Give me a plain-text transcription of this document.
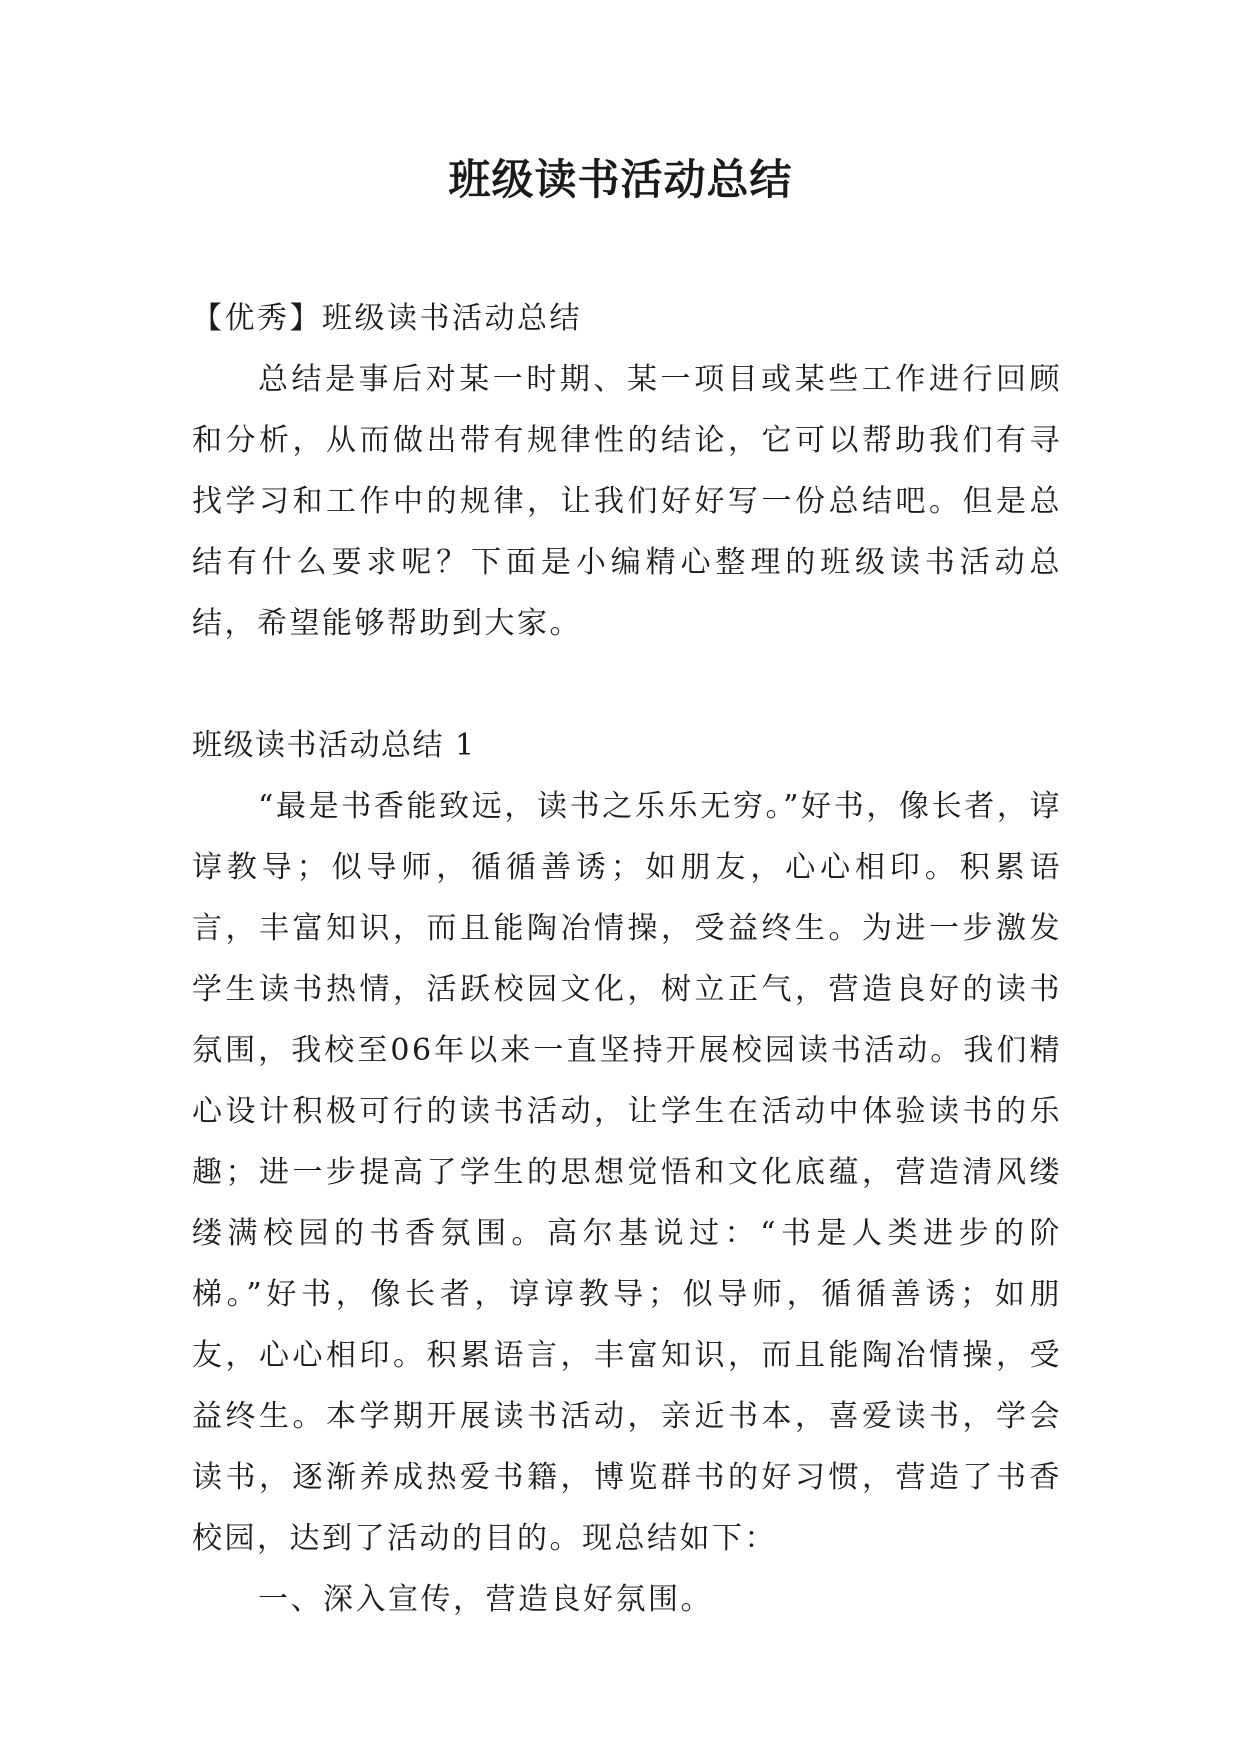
班级读书活动总结

【优秀】班级读书活动总结

总结是事后对某一时期、某一项目或某些工作进行回顾和分析，从而做出带有规律性的结论，它可以帮助我们有寻找学习和工作中的规律，让我们好好写一份总结吧。但是总结有什么要求呢？下面是小编精心整理的班级读书活动总结，希望能够帮助到大家。

班级读书活动总结 1

“最是书香能致远，读书之乐乐无穷。”好书，像长者，谆谆教导；似导师，循循善诱；如朋友，心心相印。积累语言，丰富知识，而且能陶冶情操，受益终生。为进一步激发学生读书热情，活跃校园文化，树立正气，营造良好的读书氛围，我校至06年以来一直坚持开展校园读书活动。我们精心设计积极可行的读书活动，让学生在活动中体验读书的乐趣；进一步提高了学生的思想觉悟和文化底蕴，营造清风缕缕满校园的书香氛围。高尔基说过：“书是人类进步的阶梯。”好书，像长者，谆谆教导；似导师，循循善诱；如朋友，心心相印。积累语言，丰富知识，而且能陶冶情操，受益终生。本学期开展读书活动，亲近书本，喜爱读书，学会读书，逐渐养成热爱书籍，博览群书的好习惯，营造了书香校园，达到了活动的目的。现总结如下：

一、深入宣传，营造良好氛围。
